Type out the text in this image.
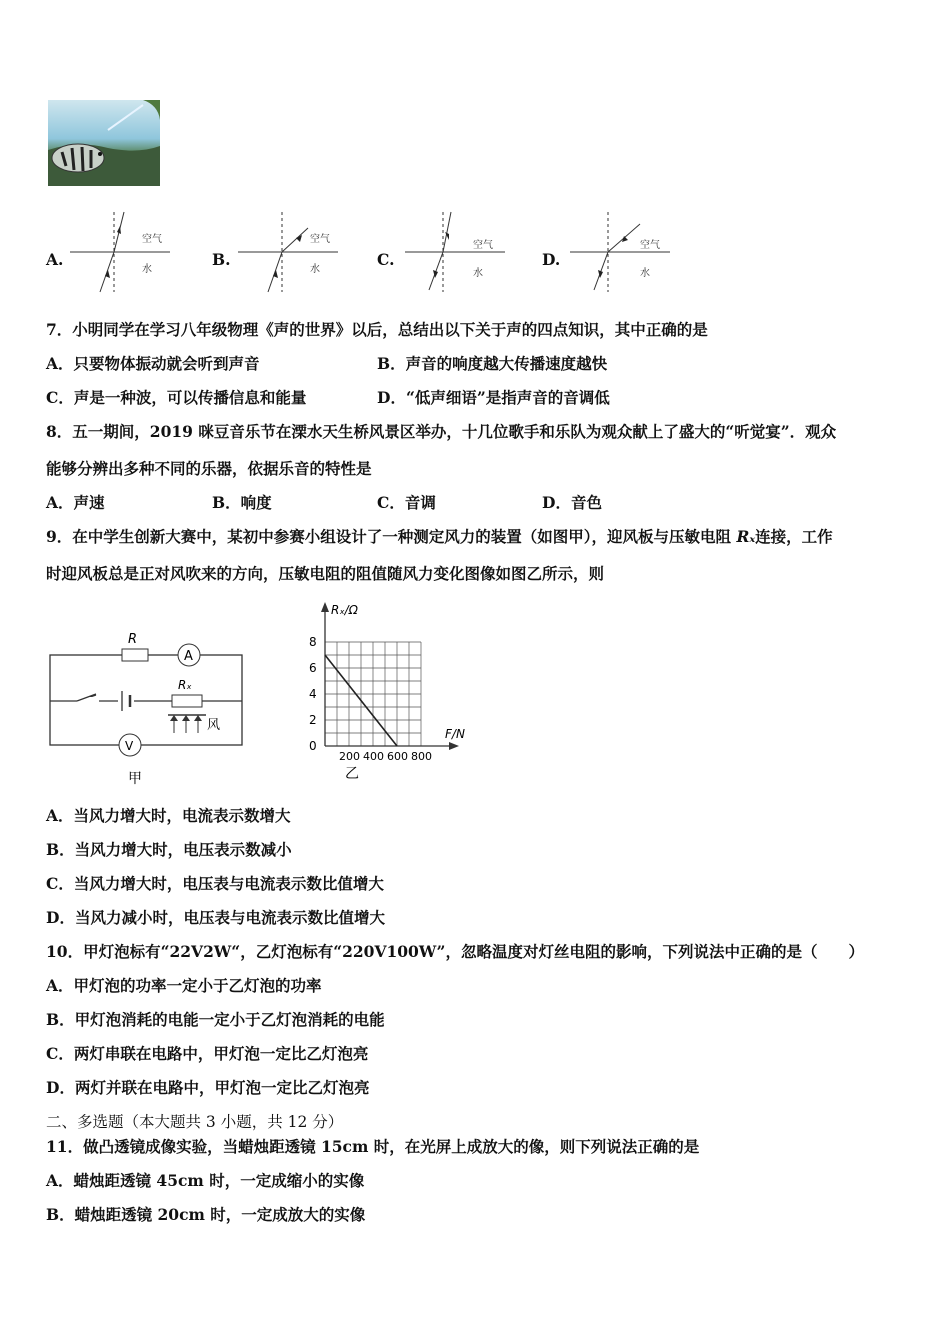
A.
空气
水
B.
空气
水
C.
空气
水
D.
空气
水
7．小明同学在学习八年级物理《声的世界》以后，总结出以下关于声的四点知识，其中正确的是
A．只要物体振动就会听到声音	B．声音的响度越大传播速度越快
C．声是一种波，可以传播信息和能量	D．“低声细语”是指声音的音调低
8．五一期间，2019 咪豆音乐节在溧水天生桥风景区举办，十几位歌手和乐队为观众献上了盛大的“听觉宴”．观众
能够分辨出多种不同的乐器，依据乐音的特性是
A．声速	B．响度	C．音调	D．音色
9．在中学生创新大赛中，某初中参赛小组设计了一种测定风力的装置（如图甲），迎风板与压敏电阻 Rₓ连接，工作
时迎风板总是正对风吹来的方向，压敏电阻的阻值随风力变化图像如图乙所示，则
R
A
Rₓ
风
V
甲
Rₓ/Ω
F/N
0
2
4
6
8
200 400 600 800
乙
A．当风力增大时，电流表示数增大
B．当风力增大时，电压表示数减小
C．当风力增大时，电压表与电流表示数比值增大
D．当风力减小时，电压表与电流表示数比值增大
10．甲灯泡标有“22V2W“，乙灯泡标有“220V100W”，忽略温度对灯丝电阻的影响，下列说法中正确的是（　　）
A．甲灯泡的功率一定小于乙灯泡的功率
B．甲灯泡消耗的电能一定小于乙灯泡消耗的电能
C．两灯串联在电路中，甲灯泡一定比乙灯泡亮
D．两灯并联在电路中，甲灯泡一定比乙灯泡亮
二、多选题（本大题共 3 小题，共 12 分）
11．做凸透镜成像实验，当蜡烛距透镜 15cm 时，在光屏上成放大的像，则下列说法正确的是
A．蜡烛距透镜 45cm 时，一定成缩小的实像
B．蜡烛距透镜 20cm 时，一定成放大的实像
